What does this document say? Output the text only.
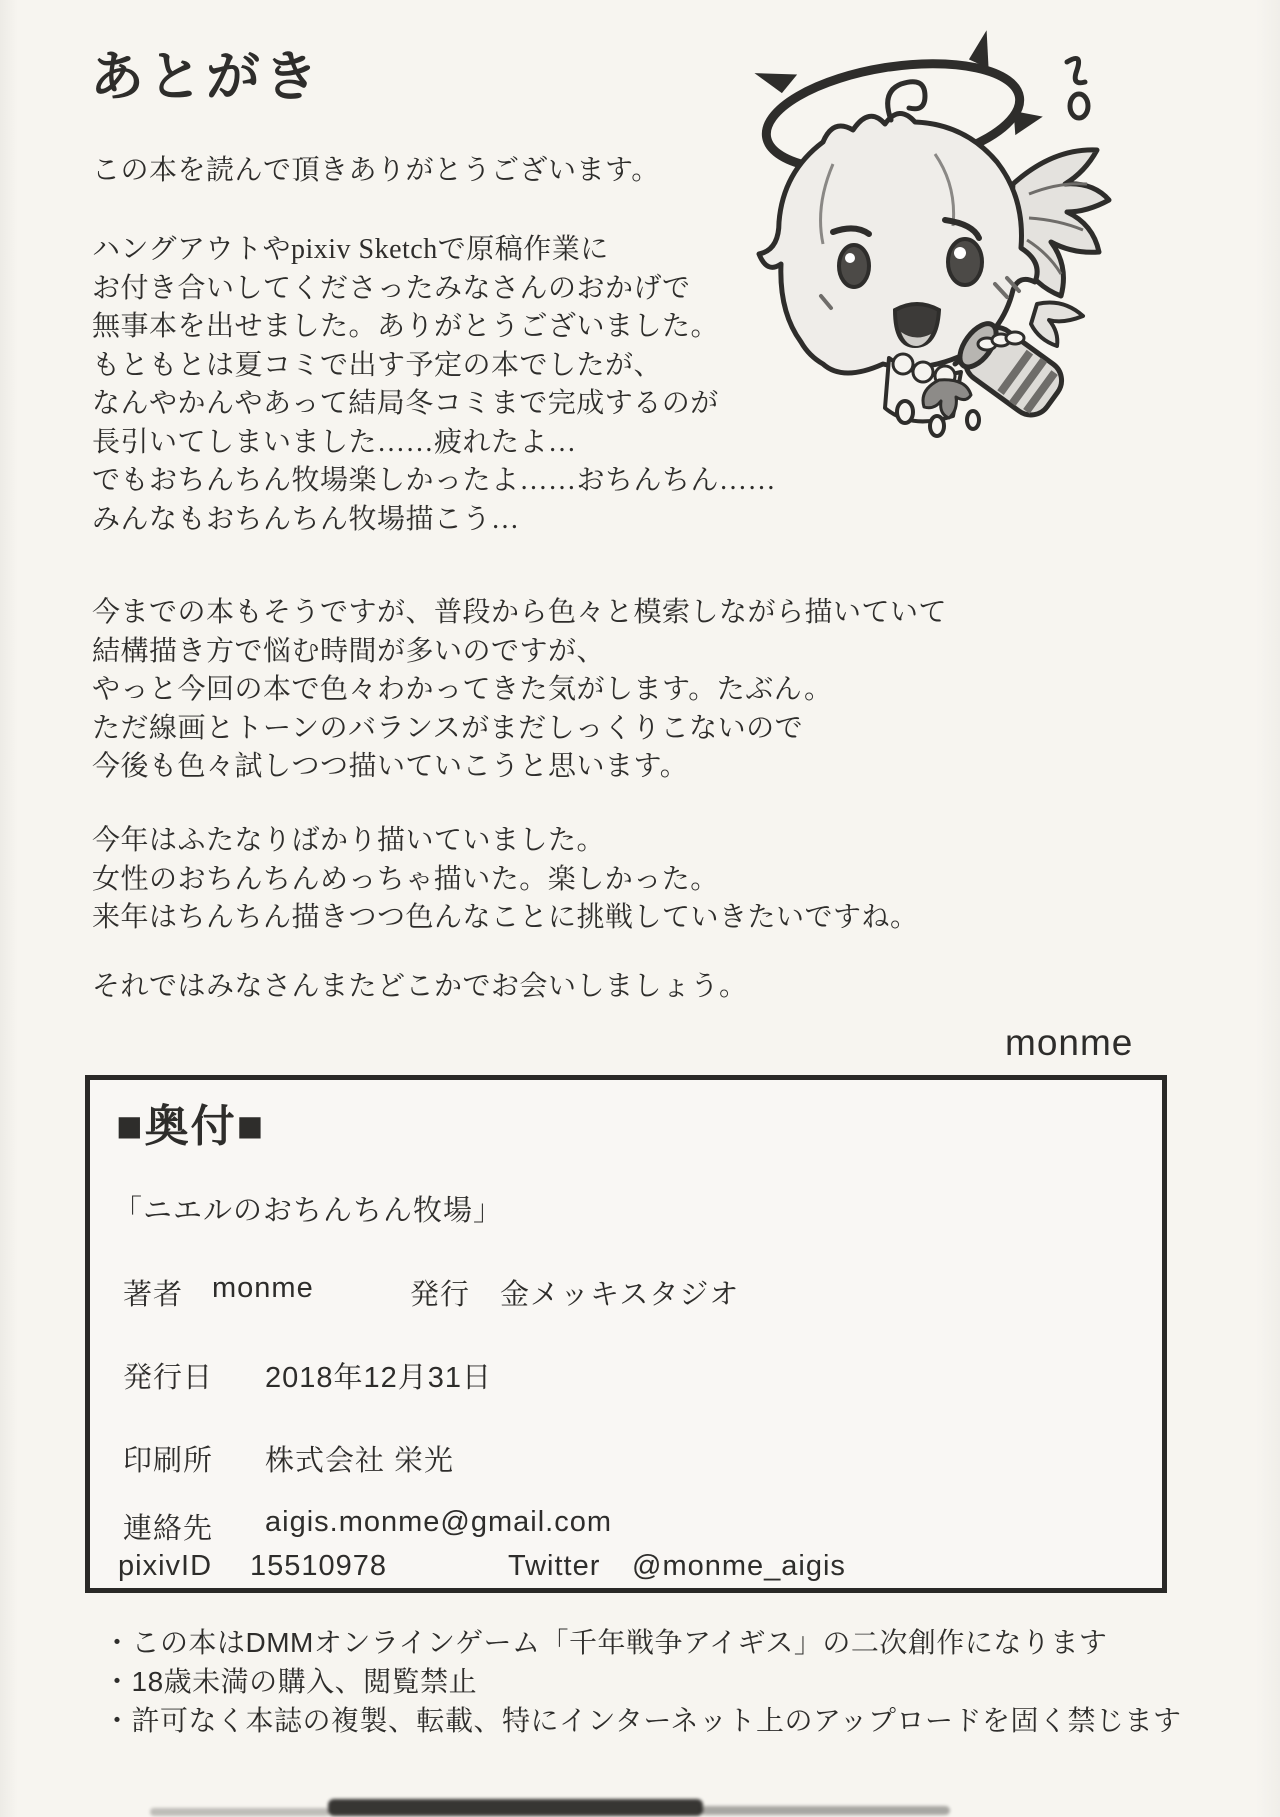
あとがき
この本を読んで頂きありがとうございます。
ハングアウトやpixiv Sketchで原稿作業に
お付き合いしてくださったみなさんのおかげで
無事本を出せました。ありがとうございました。
もともとは夏コミで出す予定の本でしたが、
なんやかんやあって結局冬コミまで完成するのが
長引いてしまいました……疲れたよ…
でもおちんちん牧場楽しかったよ……おちんちん……
みんなもおちんちん牧場描こう…
今までの本もそうですが、普段から色々と模索しながら描いていて
結構描き方で悩む時間が多いのですが、
やっと今回の本で色々わかってきた気がします。たぶん。
ただ線画とトーンのバランスがまだしっくりこないので
今後も色々試しつつ描いていこうと思います。
今年はふたなりばかり描いていました。
女性のおちんちんめっちゃ描いた。楽しかった。
来年はちんちん描きつつ色んなことに挑戦していきたいですね。
それではみなさんまたどこかでお会いしましょう。
monme
■奥付■
「ニエルのおちんちん牧場」
著者 monme	発行 金メッキスタジオ
発行日 2018年12月31日
印刷所 株式会社 栄光
連絡先 aigis.monme@gmail.com
pixivID 15510978	Twitter @monme_aigis
・この本はDMMオンラインゲーム「千年戦争アイギス」の二次創作になります
・18歳未満の購入、閲覧禁止
・許可なく本誌の複製、転載、特にインターネット上のアップロードを固く禁じます
